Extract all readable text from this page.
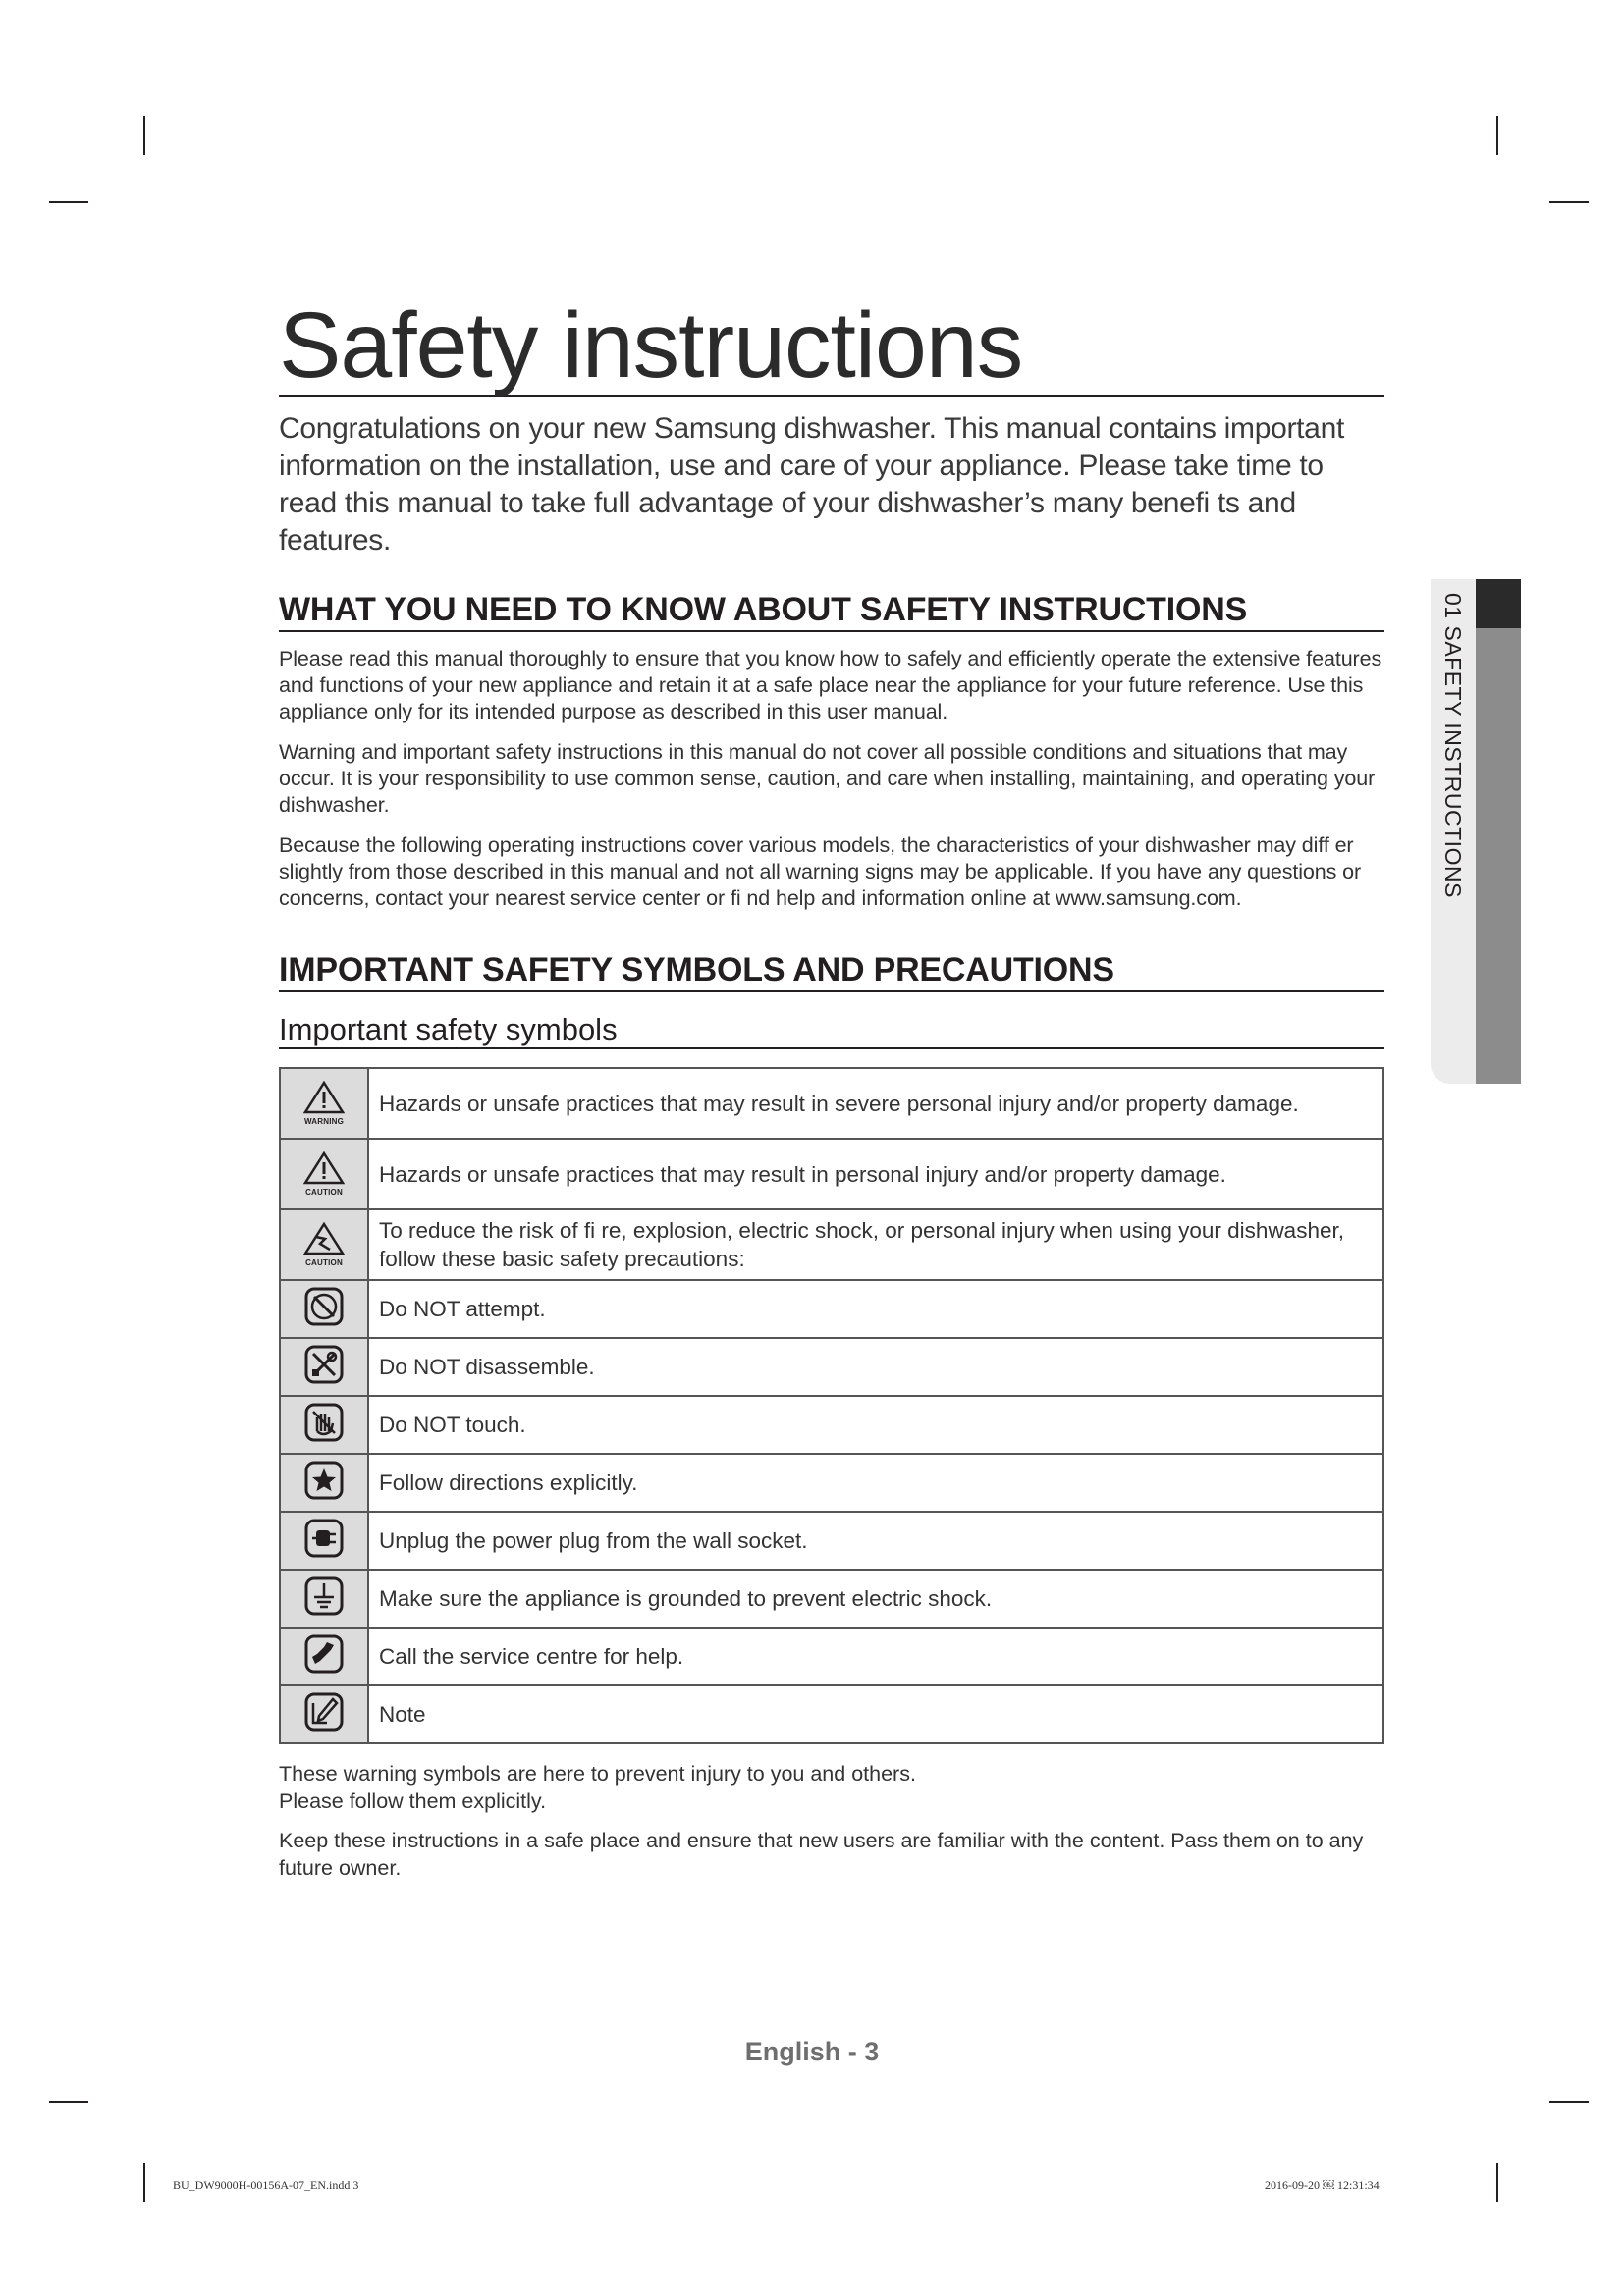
Safety instructions

Congratulations on your new Samsung dishwasher. This manual contains important information on the installation, use and care of your appliance. Please take time to read this manual to take full advantage of your dishwasher’s many benefi ts and features.

WHAT YOU NEED TO KNOW ABOUT SAFETY INSTRUCTIONS

Please read this manual thoroughly to ensure that you know how to safely and efficiently operate the extensive features and functions of your new appliance and retain it at a safe place near the appliance for your future reference. Use this appliance only for its intended purpose as described in this user manual.

Warning and important safety instructions in this manual do not cover all possible conditions and situations that may occur. It is your responsibility to use common sense, caution, and care when installing, maintaining, and operating your dishwasher.

Because the following operating instructions cover various models, the characteristics of your dishwasher may diff er slightly from those described in this manual and not all warning signs may be applicable. If you have any questions or concerns, contact your nearest service center or fi nd help and information online at www.samsung.com.

IMPORTANT SAFETY SYMBOLS AND PRECAUTIONS
Important safety symbols
WARNING	Hazards or unsafe practices that may result in severe personal injury and/or property damage.

CAUTION	Hazards or unsafe practices that may result in personal injury and/or property damage.

CAUTION	To reduce the risk of fi re, explosion, electric shock, or personal injury when using your dishwasher, follow these basic safety precautions:
	Do NOT attempt.
	Do NOT disassemble.
	Do NOT touch.
	Follow directions explicitly.
	Unplug the power plug from the wall socket.
	Make sure the appliance is grounded to prevent electric shock.
	Call the service centre for help.
	Note

These warning symbols are here to prevent injury to you and others.
Please follow them explicitly.

Keep these instructions in a safe place and ensure that new users are familiar with the content. Pass them on to any future owner.

01 SAFETY INSTRUCTIONS
English - 3
BU_DW9000H-00156A-07_EN.indd 3	2016-09-20 ￼ 12:31:34
